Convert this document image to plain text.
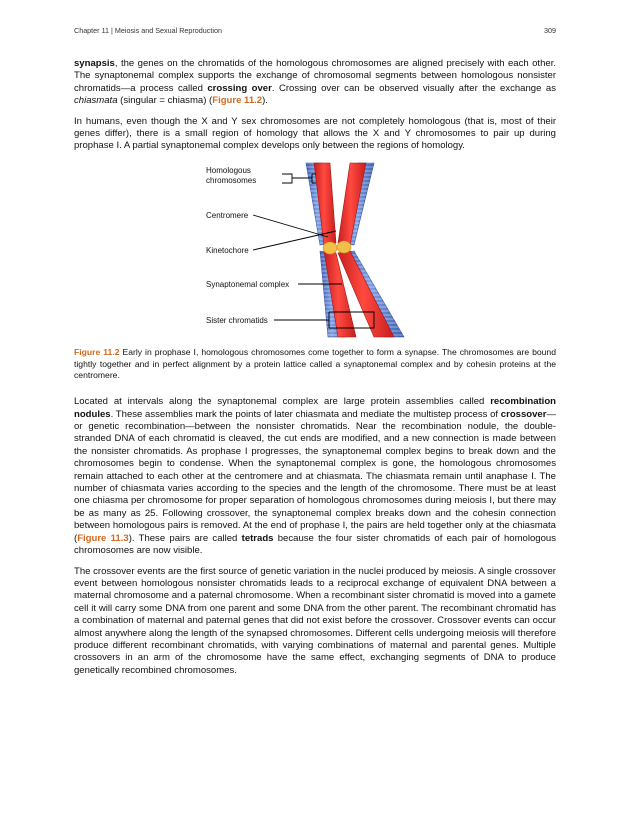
Chapter 11 | Meiosis and Sexual Reproduction	309

synapsis, the genes on the chromatids of the homologous chromosomes are aligned precisely with each other. The synaptonemal complex supports the exchange of chromosomal segments between homologous nonsister chromatids—a process called crossing over. Crossing over can be observed visually after the exchange as chiasmata (singular = chiasma) (Figure 11.2).

In humans, even though the X and Y sex chromosomes are not completely homologous (that is, most of their genes differ), there is a small region of homology that allows the X and Y chromosomes to pair up during prophase I. A partial synaptonemal complex develops only between the regions of homology.

Homologous
chromosomes
Centromere
Kinetochore
Synaptonemal complex
Sister chromatids

Figure 11.2 Early in prophase I, homologous chromosomes come together to form a synapse. The chromosomes are bound tightly together and in perfect alignment by a protein lattice called a synaptonemal complex and by cohesin proteins at the centromere.

Located at intervals along the synaptonemal complex are large protein assemblies called recombination nodules. These assemblies mark the points of later chiasmata and mediate the multistep process of crossover—or genetic recombination—between the nonsister chromatids. Near the recombination nodule, the double-stranded DNA of each chromatid is cleaved, the cut ends are modified, and a new connection is made between the nonsister chromatids. As prophase I progresses, the synaptonemal complex begins to break down and the chromosomes begin to condense. When the synaptonemal complex is gone, the homologous chromosomes remain attached to each other at the centromere and at chiasmata. The chiasmata remain until anaphase I. The number of chiasmata varies according to the species and the length of the chromosome. There must be at least one chiasma per chromosome for proper separation of homologous chromosomes during meiosis I, but there may be as many as 25. Following crossover, the synaptonemal complex breaks down and the cohesin connection between homologous pairs is removed. At the end of prophase I, the pairs are held together only at the chiasmata (Figure 11.3). These pairs are called tetrads because the four sister chromatids of each pair of homologous chromosomes are now visible.

The crossover events are the first source of genetic variation in the nuclei produced by meiosis. A single crossover event between homologous nonsister chromatids leads to a reciprocal exchange of equivalent DNA between a maternal chromosome and a paternal chromosome. When a recombinant sister chromatid is moved into a gamete cell it will carry some DNA from one parent and some DNA from the other parent. The recombinant chromatid has a combination of maternal and paternal genes that did not exist before the crossover. Crossover events can occur almost anywhere along the length of the synapsed chromosomes. Different cells undergoing meiosis will therefore produce different recombinant chromatids, with varying combinations of maternal and parental genes. Multiple crossovers in an arm of the chromosome have the same effect, exchanging segments of DNA to produce genetically recombined chromosomes.
